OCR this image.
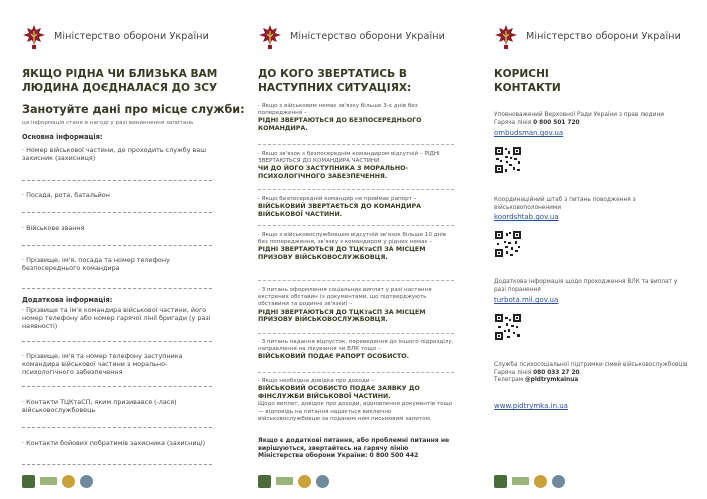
Міністерство оборони України
ЯКЩО РІДНА ЧИ БЛИЗЬКА ВАМ
ЛЮДИНА ДОЄДНАЛАСЯ ДО ЗСУ
Занотуйте дані про місце служби:
ця інформація стане в нагоді у разі виникнення запитань
Основна інформація:
· Номер військової частини, де проходить службу ваш захисник (захисниця)
· Посада, рота, батальйон
· Військове звання
· Прізвище, ім'я, посада та номер телефону безпосереднього командира
Додаткова інформація:
· Прізвище та ім'я командира військової частини, його номер телефону або номер гарячої лінії бригади (у разі наявності)
· Прізвище, ім'я та номер телефону заступника командира військової частини з морально-психологічного забезпечення
· Контакти ТЦКтаСП, яким призивався (-лася) військовослужбовець
· Контакти бойових побратимів захисника (захисниці)
Міністерство оборони України
ДО КОГО ЗВЕРТАТИСЬ В
НАСТУПНИХ СИТУАЦІЯХ:
· Якщо з військовим немає зв'язку більше 3-х днів без попередження –
РІДНІ ЗВЕРТАЮТЬСЯ ДО БЕЗПОСЕРЕДНЬОГО КОМАНДИРА.
· Якщо зв'язок з безпосереднім командиром відсутній – РІДНІ ЗВЕРТАЮТЬСЯ ДО КОМАНДИРА ЧАСТИНИ
ЧИ ДО ЙОГО ЗАСТУПНИКА З МОРАЛЬНО-ПСИХОЛОГІЧНОГО ЗАБЕЗПЕЧЕННЯ.
· Якщо безпосередній командир не приймає рапорт –
ВІЙСЬКОВИЙ ЗВЕРТАЄТЬСЯ ДО КОМАНДИРА ВІЙСЬКОВОЇ ЧАСТИНИ.
· Якщо з військовослужбовцем відсутній зв'язок більше 10 днів без попередження, зв'язку з командиром у рідних немає –
РІДНІ ЗВЕРТАЮТЬСЯ ДО ТЦКтаСП ЗА МІСЦЕМ ПРИЗОВУ ВІЙСЬКОВОСЛУЖБОВЦЯ.
· З питань оформлення соціальних виплат у разі настання екстрених обставин (з документами, що підтверджують обставини та родинні зв'язки) –
РІДНІ ЗВЕРТАЮТЬСЯ ДО ТЦКтаСП ЗА МІСЦЕМ ПРИЗОВУ ВІЙСЬКОВОСЛУЖБОВЦЯ.
· З питань надання відпусток, переведення до іншого підрозділу, направлення на лікування чи ВЛК тощо –
ВІЙСЬКОВИЙ ПОДАЄ РАПОРТ ОСОБИСТО.
· Якщо необхідна довідка про доходи –
ВІЙСЬКОВИЙ ОСОБИСТО ПОДАЄ ЗАЯВКУ ДО ФІНСЛУЖБИ ВІЙСЬКОВОЇ ЧАСТИНИ.
Щодо виплат, довідок про доходи, відновлення документів тощо — відповідь на питання надається виключно військовослужбовцю за поданим ним письмовим запитом.
Якщо є додаткові питання, або проблемні питання не вирішуються, звертайтесь на гарячу лінію Міністерства оборони України: 0 800 500 442
Міністерство оборони України
КОРИСНІ
КОНТАКТИ
Уповноважений Верховної Ради України з прав людини
Гаряча лінія 0 800 501 720
ombudsman.gov.ua
Координаційний штаб з питань поводження з військовополоненими
koordshtab.gov.ua
Додаткова інформація щодо проходження ВЛК та виплат у разі поранення
turbota.mil.gov.ua
Служба психосоціальної підтримки сімей військовослужбовців
Гаряча лінія 080 033 27 20
Телеграм @pidtrymkainua
www.pidtrymka.in.ua
